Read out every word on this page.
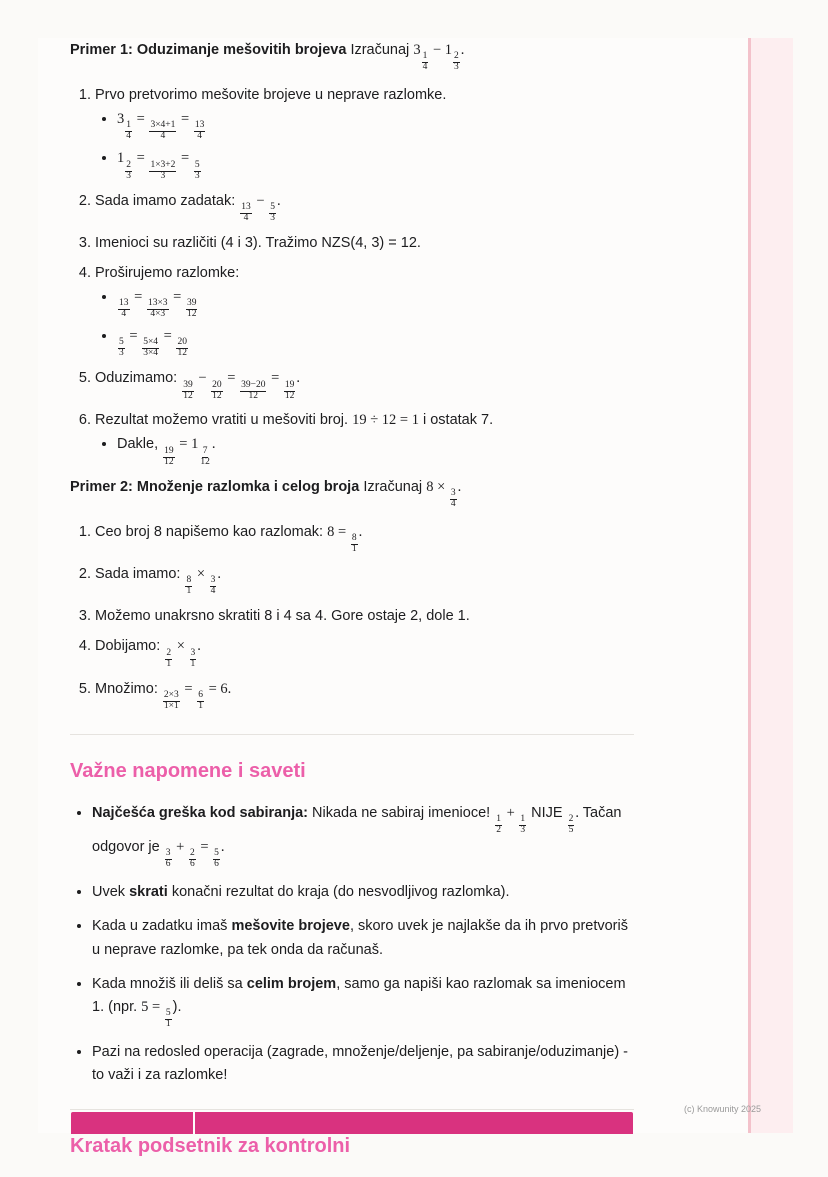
Primer 1: Oduzimanje mešovitih brojeva Izračunaj 3
$\frac{1}{4}$
− 1
$\frac{2}{3}$
.

1. Prvo pretvorimo mešovite brojeve u neprave razlomke.
• 3
$\frac{1}{4}$
=
$\frac{3\times 4+1}{4}$
=
$\frac{13}{4}$
• 1
$\frac{2}{3}$
=
$\frac{1\times 3+2}{3}$
=
$\frac{5}{3}$
2. Sada imamo zadatak:
$\frac{13}{4}$
−
$\frac{5}{3}$
.
3. Imenioci su različiti (4 i 3). Tražimo NZS(4, 3) = 12.
4. Proširujemo razlomke:
• $\frac{13}{4}$
=
$\frac{13\times 3}{4\times 3}$
=
$\frac{39}{12}$
• $\frac{5}{3}$
=
$\frac{5\times 4}{3\times 4}$
=
$\frac{20}{12}$
5. Oduzimamo:
$\frac{39}{12}$
−
$\frac{20}{12}$
=
$\frac{39-20}{12}$
=
$\frac{19}{12}$
.
6. Rezultat možemo vratiti u mešoviti broj. 19 ÷ 12 = 1 i ostatak 7.
• Dakle,
$\frac{19}{12}$
= 1
$\frac{7}{12}$
.

Primer 2: Množenje razlomka i celog broja Izračunaj 8 ×
$\frac{3}{4}$
.

1. Ceo broj 8 napišemo kao razlomak: 8 =
$\frac{8}{1}$
.
2. Sada imamo:
$\frac{8}{1}$
×
$\frac{3}{4}$
.
3. Možemo unakrsno skratiti 8 i 4 sa 4. Gore ostaje 2, dole 1.
4. Dobijamo:
$\frac{2}{1}$
×
$\frac{3}{1}$
.
5. Množimo:
$\frac{2\times 3}{1\times 1}$
=
$\frac{6}{1}$
= 6.
Važne napomene i saveti
• Najčešća greška kod sabiranja: Nikada ne sabiraj imenioce!
$\frac{1}{2}$
+
$\frac{1}{3}$
NIJE
$\frac{2}{5}$
. Tačan odgovor je
$\frac{3}{6}$
+
$\frac{2}{6}$
=
$\frac{5}{6}$
.
• Uvek skrati konačni rezultat do kraja (do nesvodljivog razlomka).
• Kada u zadatku imaš mešovite brojeve, skoro uvek je najlakše da ih prvo pretvoriš u neprave razlomke, pa tek onda da računaš.
• Kada množiš ili deliš sa celim brojem, samo ga napiši kao razlomak sa imeniocem 1. (npr. 5 =
$\frac{5}{1}$
).
• Pazi na redosled operacija (zagrade, množenje/deljenje, pa sabiranje/oduzimanje) - to važi i za razlomke!
Kratak podsetnik za kontrolni
(c) Knowunity 2025
